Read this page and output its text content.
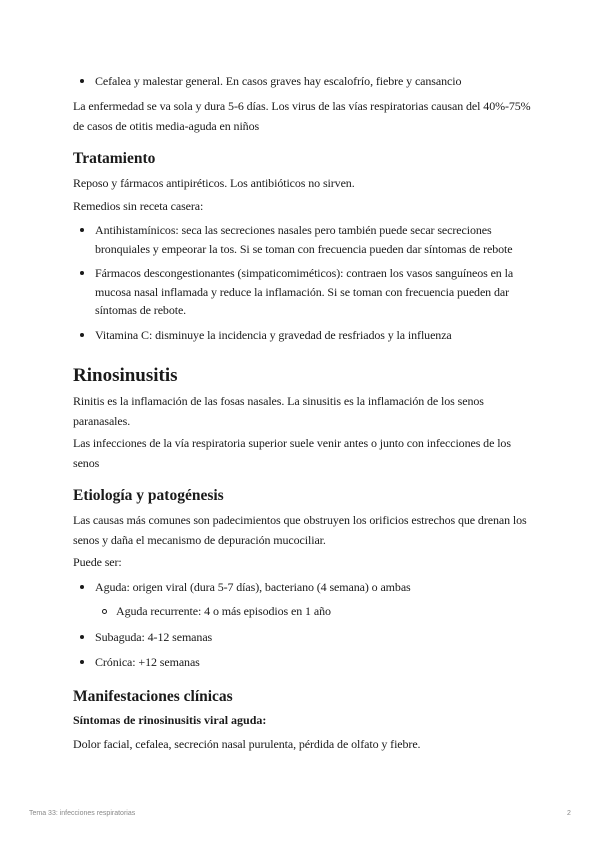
Cefalea y malestar general. En casos graves hay escalofrío, fiebre y cansancio

La enfermedad se va sola y dura 5-6 días. Los virus de las vías respiratorias causan del 40%-75% de casos de otitis media-aguda en niños

Tratamiento

Reposo y fármacos antipiréticos. Los antibióticos no sirven.

Remedios sin receta casera:

Antihistamínicos: seca las secreciones nasales pero también puede secar secreciones bronquiales y empeorar la tos. Si se toman con frecuencia pueden dar síntomas de rebote
Fármacos descongestionantes (simpaticomiméticos): contraen los vasos sanguíneos en la mucosa nasal inflamada y reduce la inflamación. Si se toman con frecuencia pueden dar síntomas de rebote.
Vitamina C: disminuye la incidencia y gravedad de resfriados y la influenza
Rinosinusitis

Rinitis es la inflamación de las fosas nasales. La sinusitis es la inflamación de los senos paranasales.

Las infecciones de la vía respiratoria superior suele venir antes o junto con infecciones de los senos

Etiología y patogénesis

Las causas más comunes son padecimientos que obstruyen los orificios estrechos que drenan los senos y daña el mecanismo de depuración mucociliar.

Puede ser:

Aguda: origen viral (dura 5-7 días), bacteriano (4 semana) o ambas
Aguda recurrente: 4 o más episodios en 1 año
Subaguda: 4-12 semanas
Crónica: +12 semanas
Manifestaciones clínicas
Síntomas de rinosinusitis viral aguda:

Dolor facial, cefalea, secreción nasal purulenta, pérdida de olfato y fiebre.

Tema 33: infecciones respiratorias	2
